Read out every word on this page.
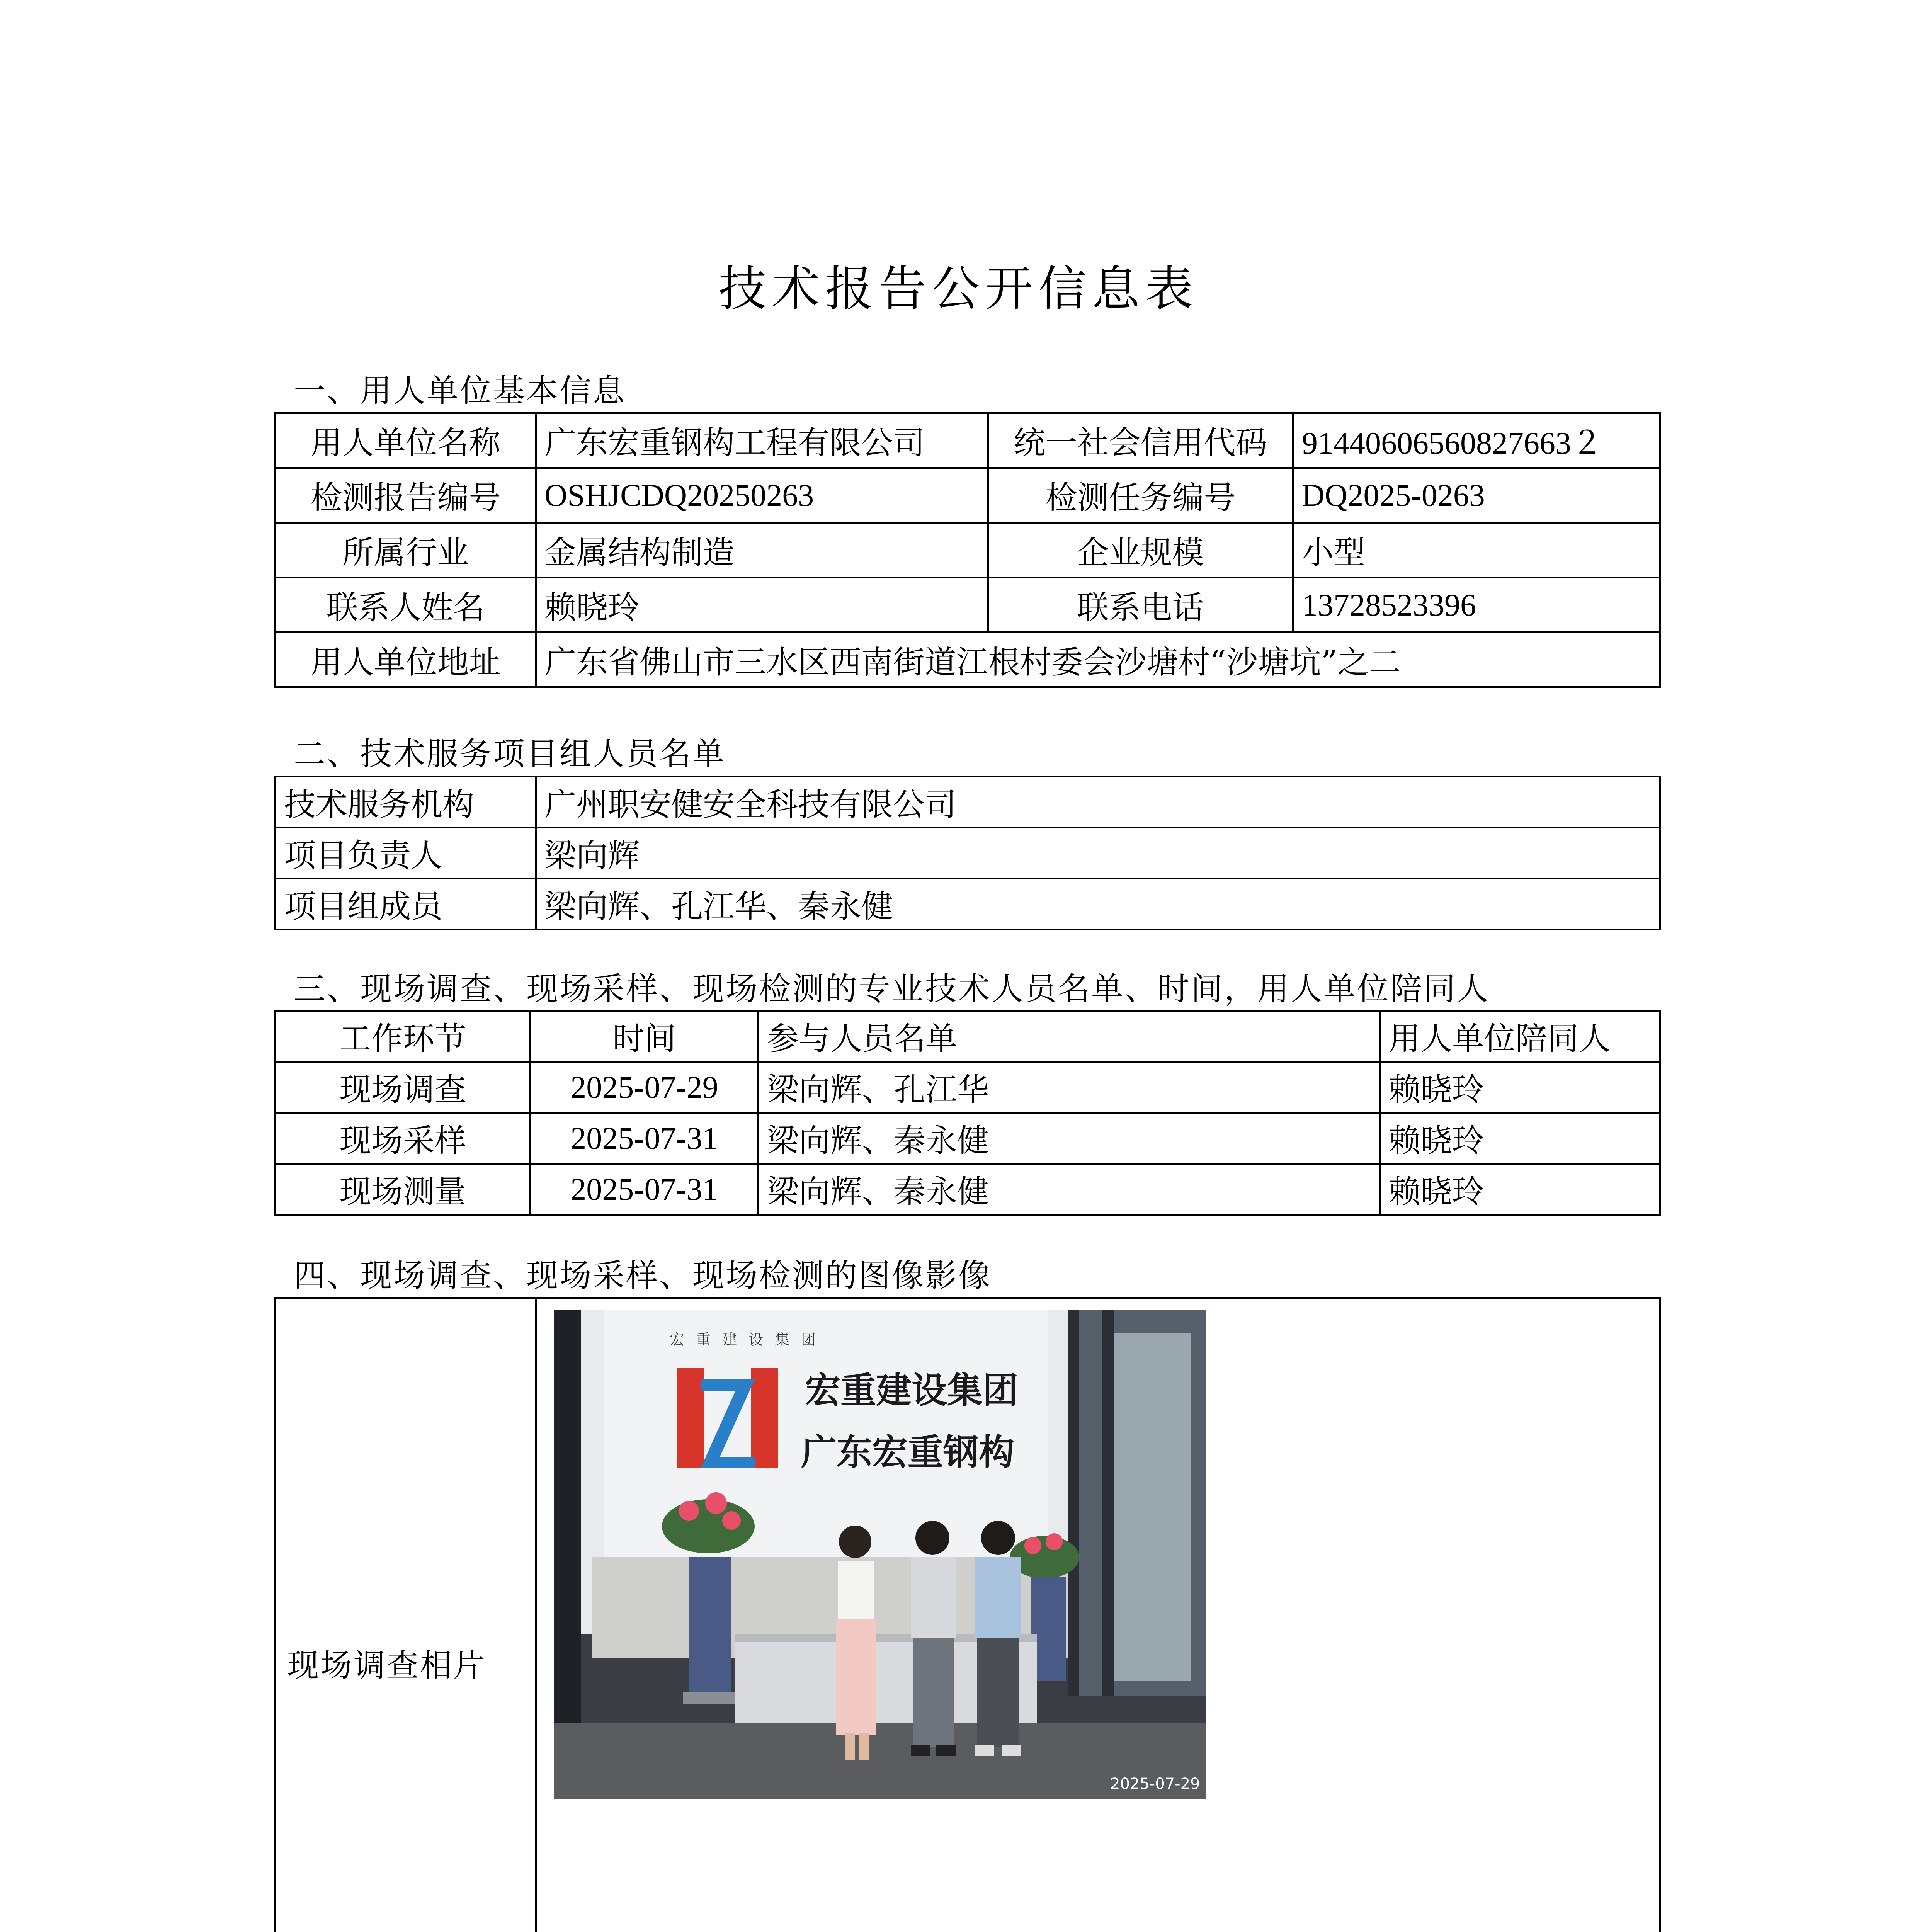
技术报告公开信息表
一、用人单位基本信息
用人单位名称	广东宏重钢构工程有限公司	统一社会信用代码	91440606560827663２
检测报告编号	OSHJCDQ20250263	检测任务编号	DQ2025-0263
所属行业	金属结构制造	企业规模	小型
联系人姓名	赖晓玲	联系电话	13728523396
用人单位地址	广东省佛山市三水区西南街道江根村委会沙塘村“沙塘坑”之二		
二、技术服务项目组人员名单
技术服务机构	广州职安健安全科技有限公司
项目负责人	梁向辉
项目组成员	梁向辉、孔江华、秦永健
三、现场调查、现场采样、现场检测的专业技术人员名单、时间，用人单位陪同人
工作环节	时间	参与人员名单	用人单位陪同人
现场调查	2025-07-29	梁向辉、孔江华	赖晓玲
现场采样	2025-07-31	梁向辉、秦永健	赖晓玲
现场测量	2025-07-31	梁向辉、秦永健	赖晓玲
四、现场调查、现场采样、现场检测的图像影像
现场调查相片	
宏重建设集团
宏重建设集团
广东宏重钢构
2025-07-29
